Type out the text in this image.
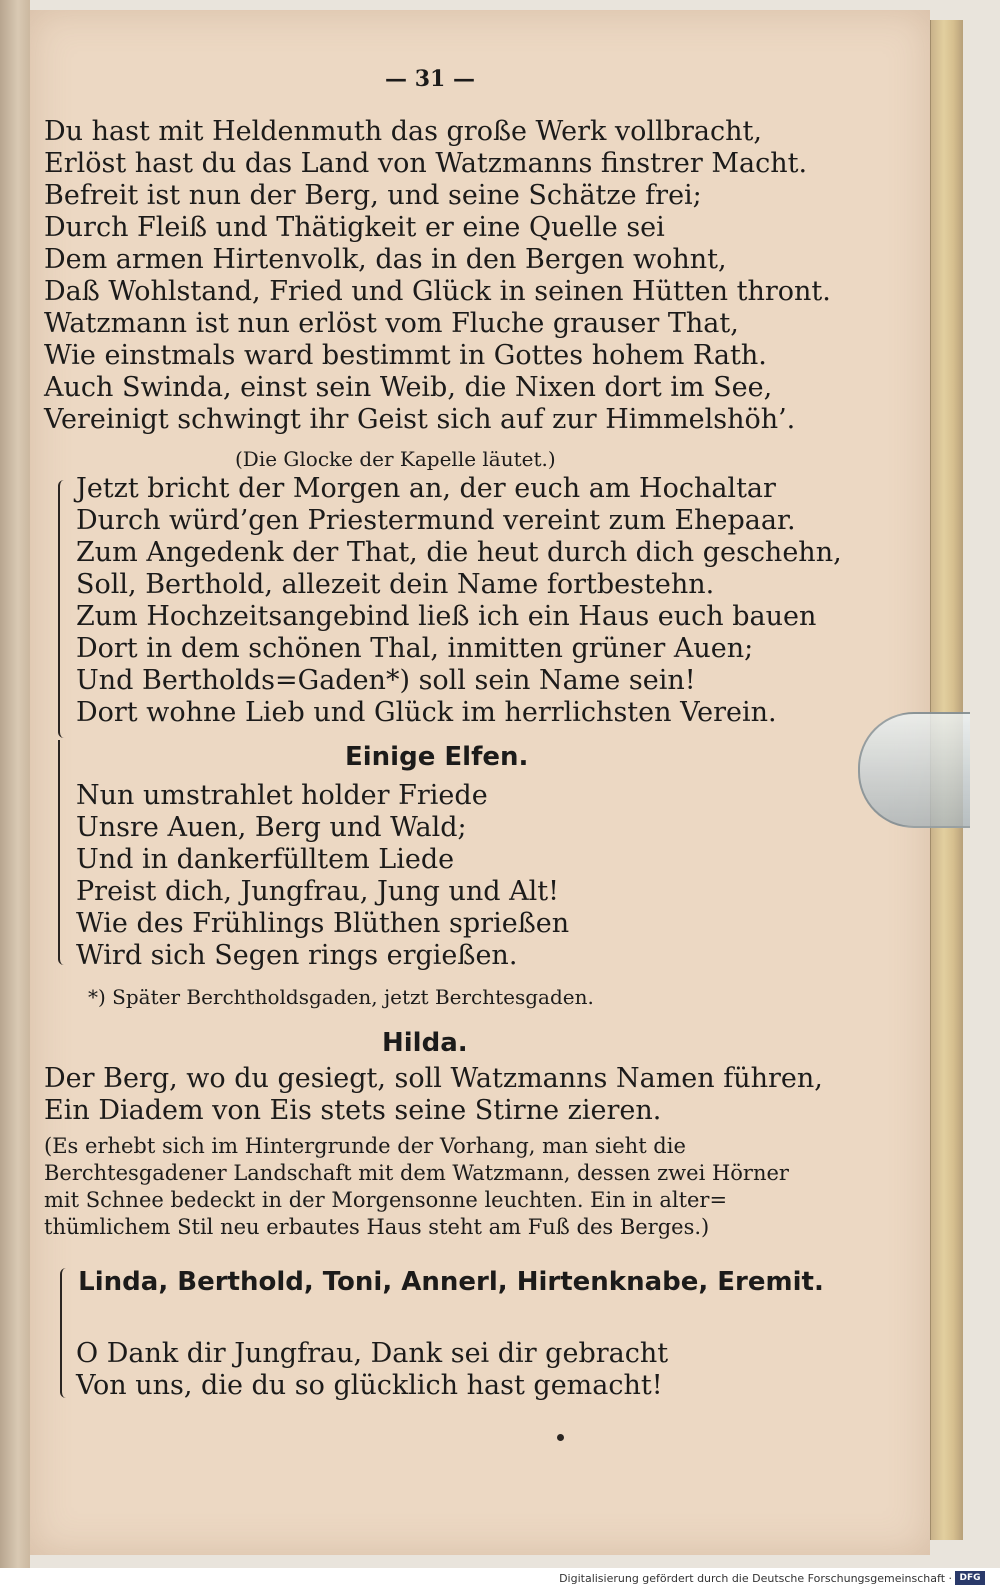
— 31 —
Du hast mit Heldenmuth das große Werk vollbracht,
Erlöst hast du das Land von Watzmanns finstrer Macht.
Befreit ist nun der Berg, und seine Schätze frei;
Durch Fleiß und Thätigkeit er eine Quelle sei
Dem armen Hirtenvolk, das in den Bergen wohnt,
Daß Wohlstand, Fried und Glück in seinen Hütten thront.
Watzmann ist nun erlöst vom Fluche grauser That,
Wie einstmals ward bestimmt in Gottes hohem Rath.
Auch Swinda, einst sein Weib, die Nixen dort im See,
Vereinigt schwingt ihr Geist sich auf zur Himmelshöh’.
(Die Glocke der Kapelle läutet.)
Jetzt bricht der Morgen an, der euch am Hochaltar
Durch würd’gen Priestermund vereint zum Ehepaar.
Zum Angedenk der That, die heut durch dich geschehn,
Soll, Berthold, allezeit dein Name fortbestehn.
Zum Hochzeitsangebind ließ ich ein Haus euch bauen
Dort in dem schönen Thal, inmitten grüner Auen;
Und Bertholds=Gaden*) soll sein Name sein!
Dort wohne Lieb und Glück im herrlichsten Verein.
Einige Elfen.
Nun umstrahlet holder Friede
Unsre Auen, Berg und Wald;
Und in dankerfülltem Liede
Preist dich, Jungfrau, Jung und Alt!
Wie des Frühlings Blüthen sprießen
Wird sich Segen rings ergießen.
*) Später Berchtholdsgaden, jetzt Berchtesgaden.
Hilda.
Der Berg, wo du gesiegt, soll Watzmanns Namen führen,
Ein Diadem von Eis stets seine Stirne zieren.
(Es erhebt sich im Hintergrunde der Vorhang, man sieht die
Berchtesgadener Landschaft mit dem Watzmann, dessen zwei Hörner
mit Schnee bedeckt in der Morgensonne leuchten. Ein in alter=
thümlichem Stil neu erbautes Haus steht am Fuß des Berges.)
Linda, Berthold, Toni, Annerl, Hirtenknabe, Eremit.
O Dank dir Jungfrau, Dank sei dir gebracht
Von uns, die du so glücklich hast gemacht!
Digitalisierung gefördert durch die Deutsche Forschungsgemeinschaft · DFG
